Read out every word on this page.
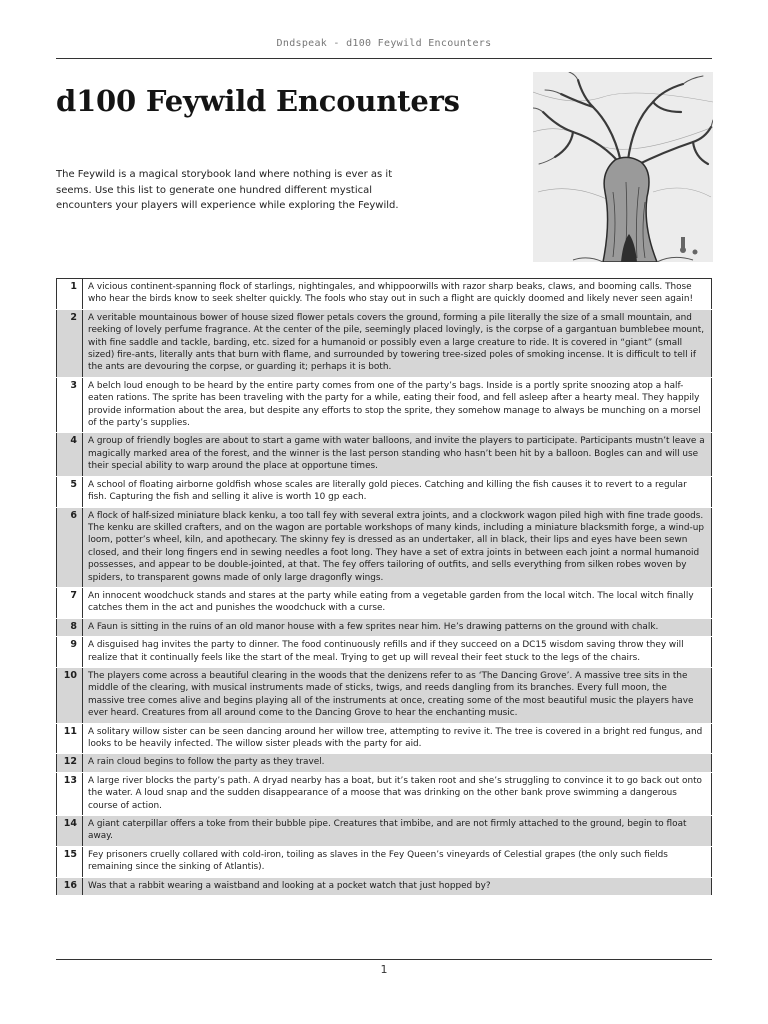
Dndspeak - d100 Feywild Encounters
d100 Feywild Encounters
The Feywild is a magical storybook land where nothing is ever as it seems. Use this list to generate one hundred different mystical encounters your players will experience while exploring the Feywild.
1	A vicious continent-spanning flock of starlings, nightingales, and whippoorwills with razor sharp beaks, claws, and booming calls. Those who hear the birds know to seek shelter quickly. The fools who stay out in such a flight are quickly doomed and likely never seen again!
2	A veritable mountainous bower of house sized flower petals covers the ground, forming a pile literally the size of a small mountain, and reeking of lovely perfume fragrance. At the center of the pile, seemingly placed lovingly, is the corpse of a gargantuan bumblebee mount, with fine saddle and tackle, barding, etc. sized for a humanoid or possibly even a large creature to ride. It is covered in “giant” (small sized) fire-ants, literally ants that burn with flame, and surrounded by towering tree-sized poles of smoking incense. It is difficult to tell if the ants are devouring the corpse, or guarding it; perhaps it is both.
3	A belch loud enough to be heard by the entire party comes from one of the party’s bags. Inside is a portly sprite snoozing atop a half-eaten rations. The sprite has been traveling with the party for a while, eating their food, and fell asleep after a hearty meal. They happily provide information about the area, but despite any efforts to stop the sprite, they somehow manage to always be munching on a morsel of the party’s supplies.
4	A group of friendly bogles are about to start a game with water balloons, and invite the players to participate. Participants mustn’t leave a magically marked area of the forest, and the winner is the last person standing who hasn’t been hit by a balloon. Bogles can and will use their special ability to warp around the place at opportune times.
5	A school of floating airborne goldfish whose scales are literally gold pieces. Catching and killing the fish causes it to revert to a regular fish. Capturing the fish and selling it alive is worth 10 gp each.
6	A flock of half-sized miniature black kenku, a too tall fey with several extra joints, and a clockwork wagon piled high with fine trade goods. The kenku are skilled crafters, and on the wagon are portable workshops of many kinds, including a miniature blacksmith forge, a wind-up loom, potter’s wheel, kiln, and apothecary. The skinny fey is dressed as an undertaker, all in black, their lips and eyes have been sewn closed, and their long fingers end in sewing needles a foot long. They have a set of extra joints in between each joint a normal humanoid possesses, and appear to be double-jointed, at that. The fey offers tailoring of outfits, and sells everything from silken robes woven by spiders, to transparent gowns made of only large dragonfly wings.
7	An innocent woodchuck stands and stares at the party while eating from a vegetable garden from the local witch. The local witch finally catches them in the act and punishes the woodchuck with a curse.
8	A Faun is sitting in the ruins of an old manor house with a few sprites near him. He’s drawing patterns on the ground with chalk.
9	A disguised hag invites the party to dinner. The food continuously refills and if they succeed on a DC15 wisdom saving throw they will realize that it continually feels like the start of the meal. Trying to get up will reveal their feet stuck to the legs of the chairs.
10	The players come across a beautiful clearing in the woods that the denizens refer to as ‘The Dancing Grove’. A massive tree sits in the middle of the clearing, with musical instruments made of sticks, twigs, and reeds dangling from its branches. Every full moon, the massive tree comes alive and begins playing all of the instruments at once, creating some of the most beautiful music the players have ever heard. Creatures from all around come to the Dancing Grove to hear the enchanting music.
11	A solitary willow sister can be seen dancing around her willow tree, attempting to revive it. The tree is covered in a bright red fungus, and looks to be heavily infected. The willow sister pleads with the party for aid.
12	A rain cloud begins to follow the party as they travel.
13	A large river blocks the party’s path. A dryad nearby has a boat, but it’s taken root and she’s struggling to convince it to go back out onto the water. A loud snap and the sudden disappearance of a moose that was drinking on the other bank prove swimming a dangerous course of action.
14	A giant caterpillar offers a toke from their bubble pipe. Creatures that imbibe, and are not firmly attached to the ground, begin to float away.
15	Fey prisoners cruelly collared with cold-iron, toiling as slaves in the Fey Queen’s vineyards of Celestial grapes (the only such fields remaining since the sinking of Atlantis).
16	Was that a rabbit wearing a waistband and looking at a pocket watch that just hopped by?
1
